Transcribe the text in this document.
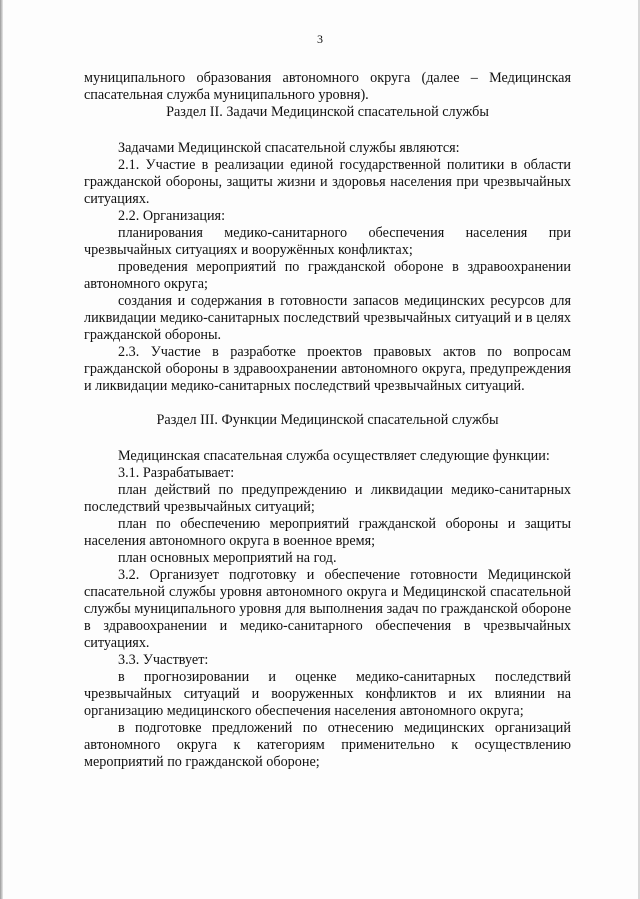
3

муниципального образования автономного округа (далее – Медицинская спасательная служба муниципального уровня).

Раздел II. Задачи Медицинской спасательной службы

Задачами Медицинской спасательной службы являются:

2.1. Участие в реализации единой государственной политики в области гражданской обороны, защиты жизни и здоровья населения при чрезвычайных ситуациях.

2.2. Организация:

планирования медико-санитарного обеспечения населения при чрезвычайных ситуациях и вооружённых конфликтах;

проведения мероприятий по гражданской обороне в здравоохранении автономного округа;

создания и содержания в готовности запасов медицинских ресурсов для ликвидации медико-санитарных последствий чрезвычайных ситуаций и в целях гражданской обороны.

2.3. Участие в разработке проектов правовых актов по вопросам гражданской обороны в здравоохранении автономного округа, предупреждения и ликвидации медико-санитарных последствий чрезвычайных ситуаций.

Раздел III. Функции Медицинской спасательной службы

Медицинская спасательная служба осуществляет следующие функции:

3.1. Разрабатывает:

план действий по предупреждению и ликвидации медико-санитарных последствий чрезвычайных ситуаций;

план по обеспечению мероприятий гражданской обороны и защиты населения автономного округа в военное время;

план основных мероприятий на год.

3.2. Организует подготовку и обеспечение готовности Медицинской спасательной службы уровня автономного округа и Медицинской спасательной службы муниципального уровня для выполнения задач по гражданской обороне в здравоохранении и медико-санитарного обеспечения в чрезвычайных ситуациях.

3.3. Участвует:

в прогнозировании и оценке медико-санитарных последствий чрезвычайных ситуаций и вооруженных конфликтов и их влиянии на организацию медицинского обеспечения населения автономного округа;

в подготовке предложений по отнесению медицинских организаций автономного округа к категориям применительно к осуществлению мероприятий по гражданской обороне;
